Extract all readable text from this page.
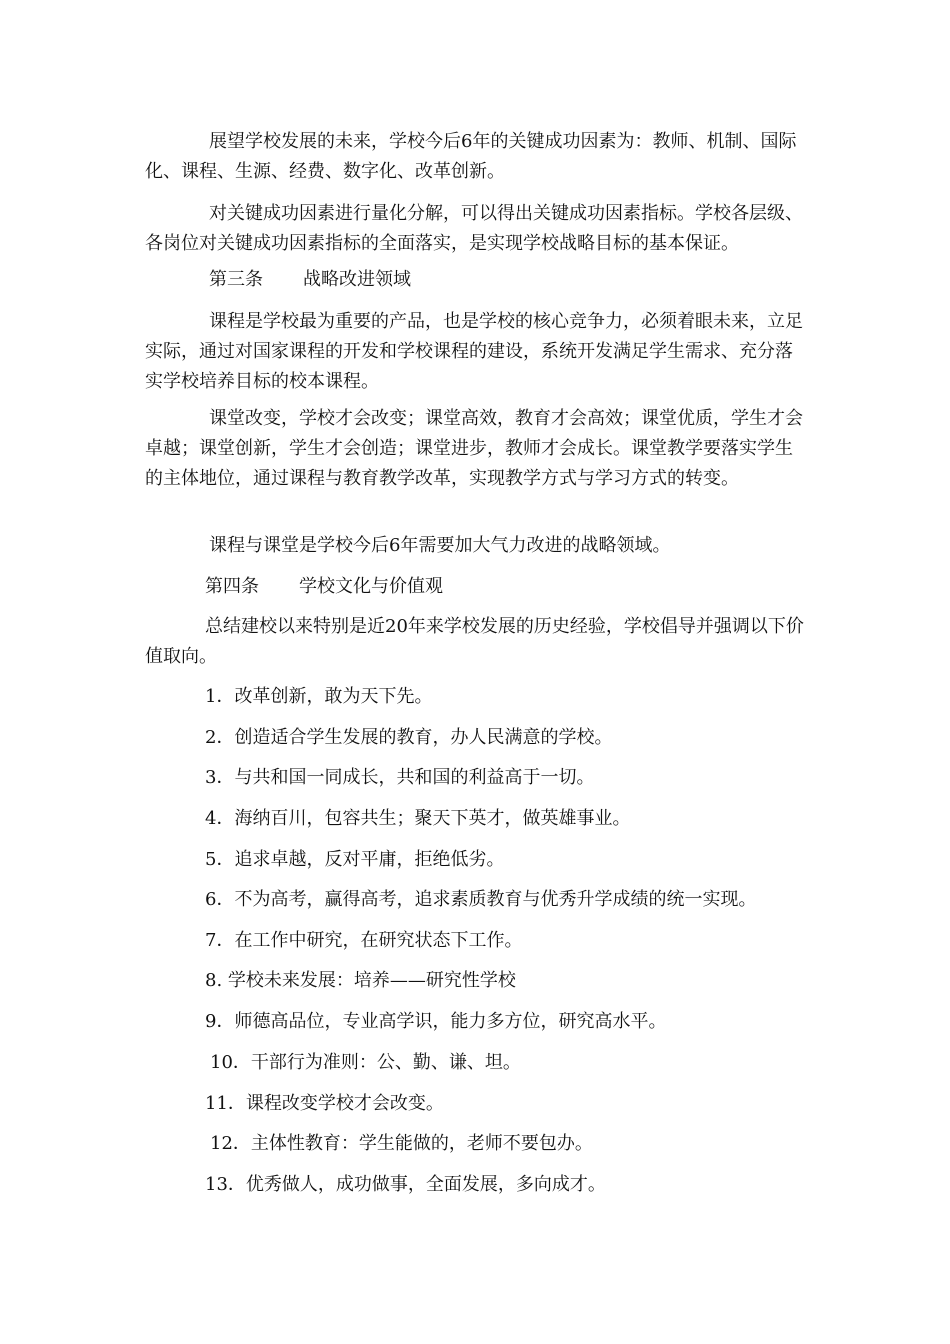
展望学校发展的未来，学校今后6年的关键成功因素为：教师、机制、国际化、课程、生源、经费、数字化、改革创新。

对关键成功因素进行量化分解，可以得出关键成功因素指标。学校各层级、各岗位对关键成功因素指标的全面落实，是实现学校战略目标的基本保证。

第三条 战略改进领域

课程是学校最为重要的产品，也是学校的核心竞争力，必须着眼未来，立足实际，通过对国家课程的开发和学校课程的建设，系统开发满足学生需求、充分落实学校培养目标的校本课程。

课堂改变，学校才会改变；课堂高效，教育才会高效；课堂优质，学生才会卓越；课堂创新，学生才会创造；课堂进步，教师才会成长。课堂教学要落实学生的主体地位，通过课程与教育教学改革，实现教学方式与学习方式的转变。

课程与课堂是学校今后6年需要加大气力改进的战略领域。

第四条 学校文化与价值观

总结建校以来特别是近20年来学校发展的历史经验，学校倡导并强调以下价值取向。

1．改革创新，敢为天下先。
2．创造适合学生发展的教育，办人民满意的学校。
3．与共和国一同成长，共和国的利益高于一切。
4．海纳百川，包容共生；聚天下英才，做英雄事业。
5．追求卓越，反对平庸，拒绝低劣。
6．不为高考，赢得高考，追求素质教育与优秀升学成绩的统一实现。
7．在工作中研究，在研究状态下工作。
8. 学校未来发展：培养——研究性学校
9．师德高品位，专业高学识，能力多方位，研究高水平。
10．干部行为准则：公、勤、谦、坦。
11．课程改变学校才会改变。
12．主体性教育：学生能做的，老师不要包办。
13．优秀做人，成功做事，全面发展，多向成才。
